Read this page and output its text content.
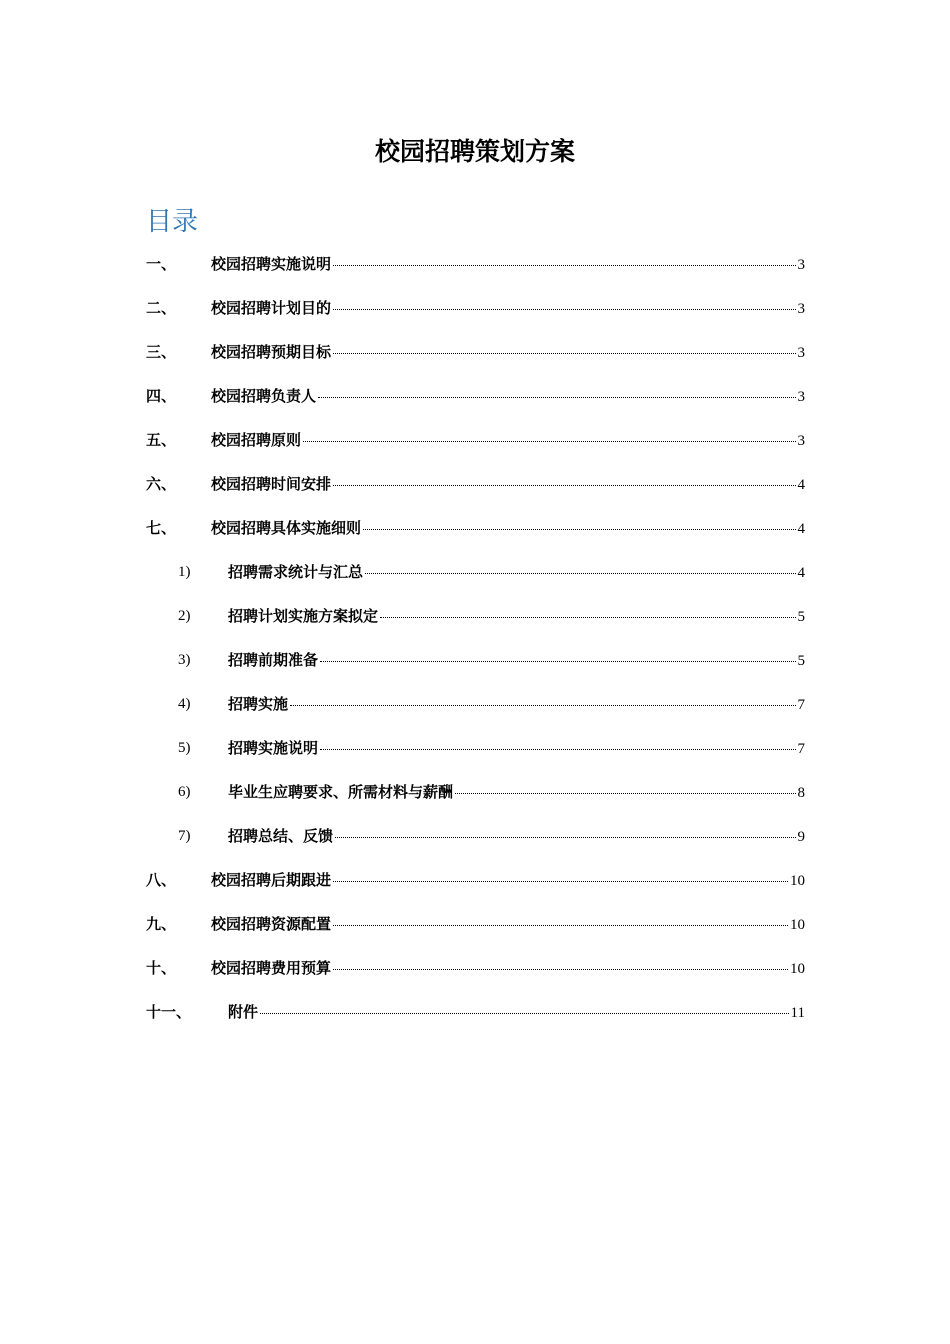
校园招聘策划方案
目录
一、 校园招聘实施说明	3
二、 校园招聘计划目的	3
三、 校园招聘预期目标	3
四、 校园招聘负责人	3
五、 校园招聘原则	3
六、 校园招聘时间安排	4
七、 校园招聘具体实施细则	4
1)	招聘需求统计与汇总	4
2)	招聘计划实施方案拟定	5
3)	招聘前期准备	5
4)	招聘实施	7
5)	招聘实施说明	7
6)	毕业生应聘要求、所需材料与薪酬	8
7)	招聘总结、反馈	9
八、 校园招聘后期跟进	10
九、 校园招聘资源配置	10
十、 校园招聘费用预算	10
十一、 附件	11
